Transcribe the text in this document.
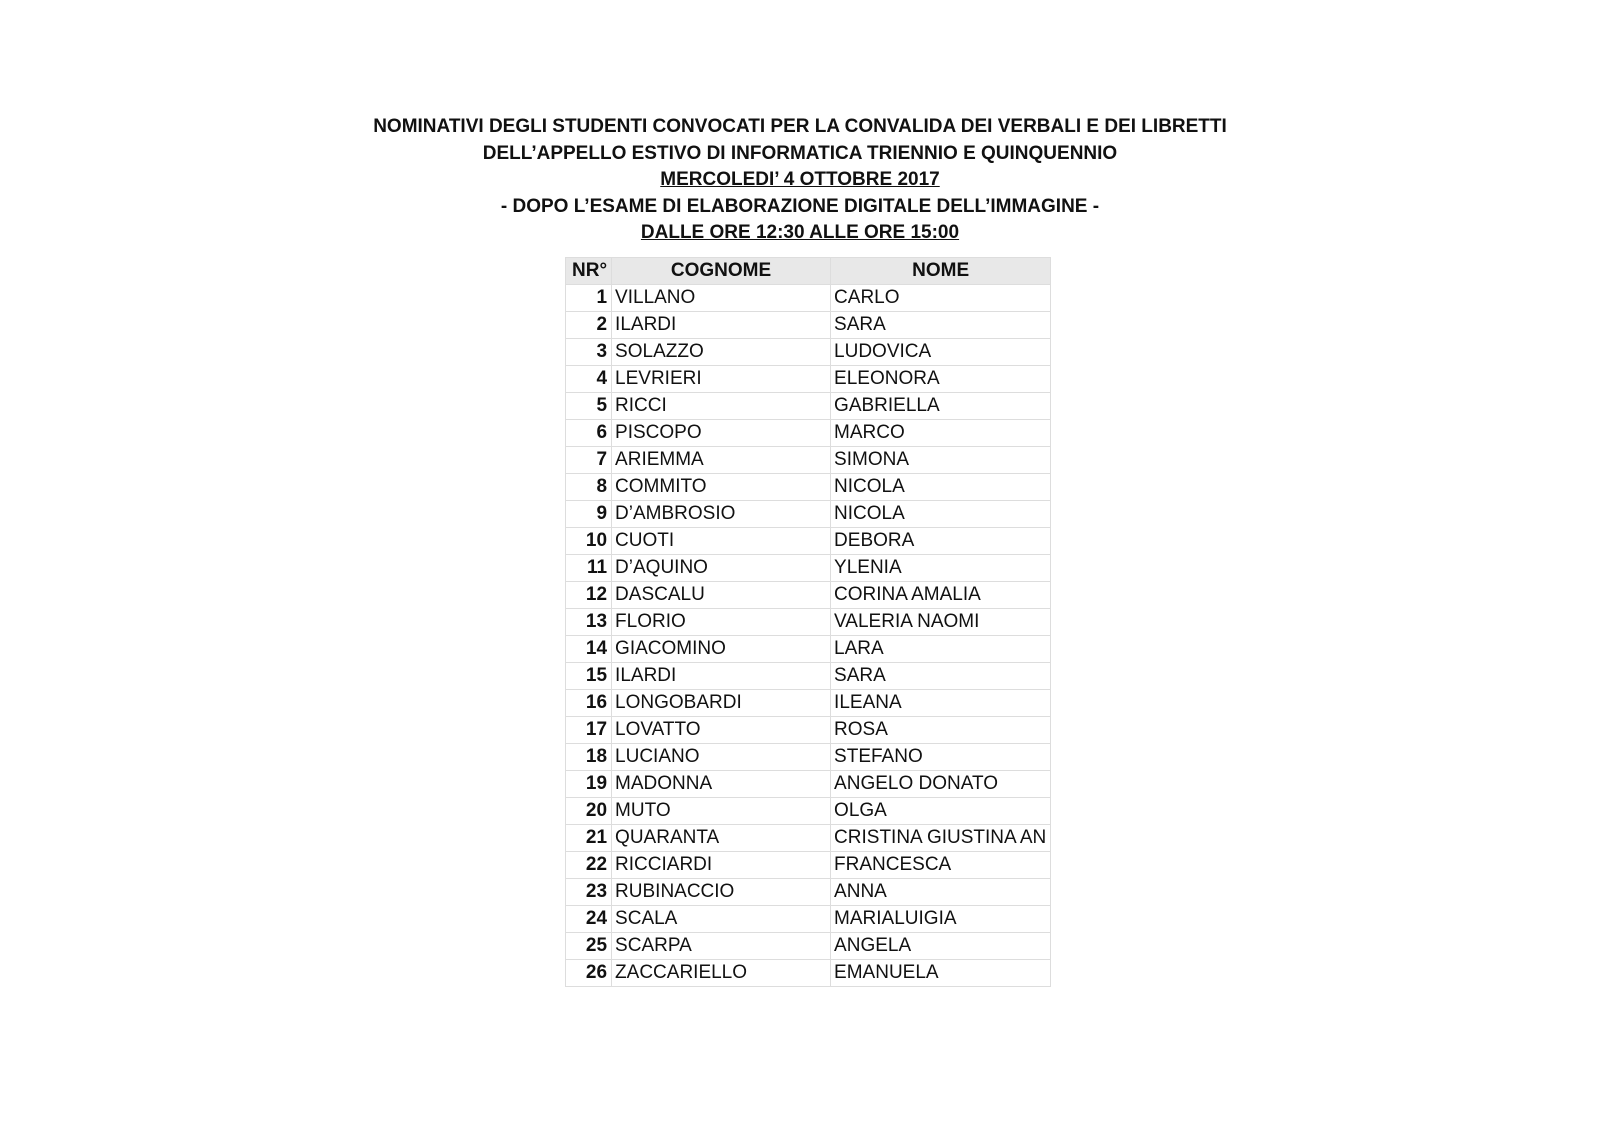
NOMINATIVI DEGLI STUDENTI CONVOCATI PER LA CONVALIDA DEI VERBALI E DEI LIBRETTI
DELL’APPELLO ESTIVO DI INFORMATICA TRIENNIO E QUINQUENNIO
MERCOLEDI’ 4 OTTOBRE 2017
- DOPO L’ESAME DI ELABORAZIONE DIGITALE DELL’IMMAGINE -
DALLE ORE 12:30 ALLE ORE 15:00
NR°	COGNOME	NOME
1	VILLANO	CARLO
2	ILARDI	SARA
3	SOLAZZO	LUDOVICA
4	LEVRIERI	ELEONORA
5	RICCI	GABRIELLA
6	PISCOPO	MARCO
7	ARIEMMA	SIMONA
8	COMMITO	NICOLA
9	D’AMBROSIO	NICOLA
10	CUOTI	DEBORA
11	D’AQUINO	YLENIA
12	DASCALU	CORINA AMALIA
13	FLORIO	VALERIA NAOMI
14	GIACOMINO	LARA
15	ILARDI	SARA
16	LONGOBARDI	ILEANA
17	LOVATTO	ROSA
18	LUCIANO	STEFANO
19	MADONNA	ANGELO DONATO
20	MUTO	OLGA
21	QUARANTA	CRISTINA GIUSTINA AN
22	RICCIARDI	FRANCESCA
23	RUBINACCIO	ANNA
24	SCALA	MARIALUIGIA
25	SCARPA	ANGELA
26	ZACCARIELLO	EMANUELA
